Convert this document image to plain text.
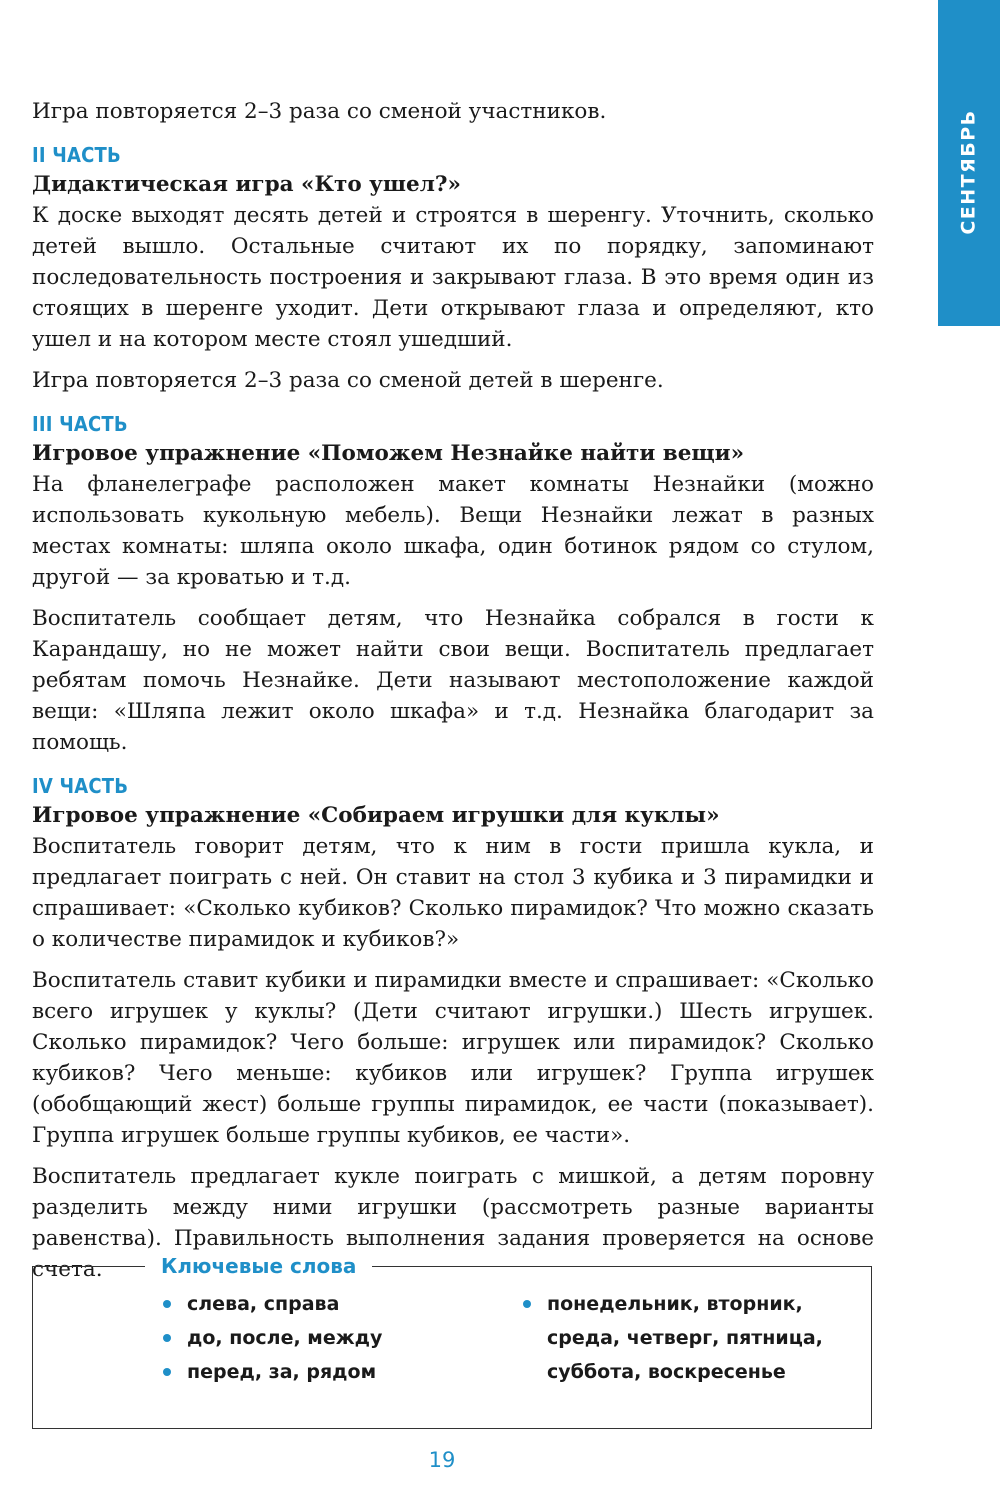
СЕНТЯБРЬ

Игра повторяется 2–3 раза со сменой участников.

II ЧАСТЬ
Дидактическая игра «Кто ушел?»

К доске выходят десять детей и строятся в шеренгу. Уточнить, сколько детей вышло. Остальные считают их по порядку, запоминают последовательность построения и закрывают глаза. В это время один из стоящих в шеренге уходит. Дети открывают глаза и определяют, кто ушел и на котором месте стоял ушедший.

Игра повторяется 2–3 раза со сменой детей в шеренге.

III ЧАСТЬ
Игровое упражнение «Поможем Незнайке найти вещи»

На фланелеграфе расположен макет комнаты Незнайки (можно использовать кукольную мебель). Вещи Незнайки лежат в разных местах комнаты: шляпа около шкафа, один ботинок рядом со стулом, другой — за кроватью и т.д.

Воспитатель сообщает детям, что Незнайка собрался в гости к Карандашу, но не может найти свои вещи. Воспитатель предлагает ребятам помочь Незнайке. Дети называют местоположение каждой вещи: «Шляпа лежит около шкафа» и т.д. Незнайка благодарит за помощь.

IV ЧАСТЬ
Игровое упражнение «Собираем игрушки для куклы»

Воспитатель говорит детям, что к ним в гости пришла кукла, и предлагает поиграть с ней. Он ставит на стол 3 кубика и 3 пирамидки и спрашивает: «Сколько кубиков? Сколько пирамидок? Что можно сказать о количестве пирамидок и кубиков?»

Воспитатель ставит кубики и пирамидки вместе и спрашивает: «Сколько всего игрушек у куклы? (Дети считают игрушки.) Шесть игрушек. Сколько пирамидок? Чего больше: игрушек или пирамидок? Сколько кубиков? Чего меньше: кубиков или игрушек? Группа игрушек (обобщающий жест) больше группы пирамидок, ее части (показывает). Группа игрушек больше группы кубиков, ее части».

Воспитатель предлагает кукле поиграть с мишкой, а детям поровну разделить между ними игрушки (рассмотреть разные варианты равенства). Правильность выполнения задания проверяется на основе счета.	Ключевые слова
слева, справа
до, после, между
перед, за, рядом
понедельник, вторник,
среда, четверг, пятница,
суббота, воскресенье
19
